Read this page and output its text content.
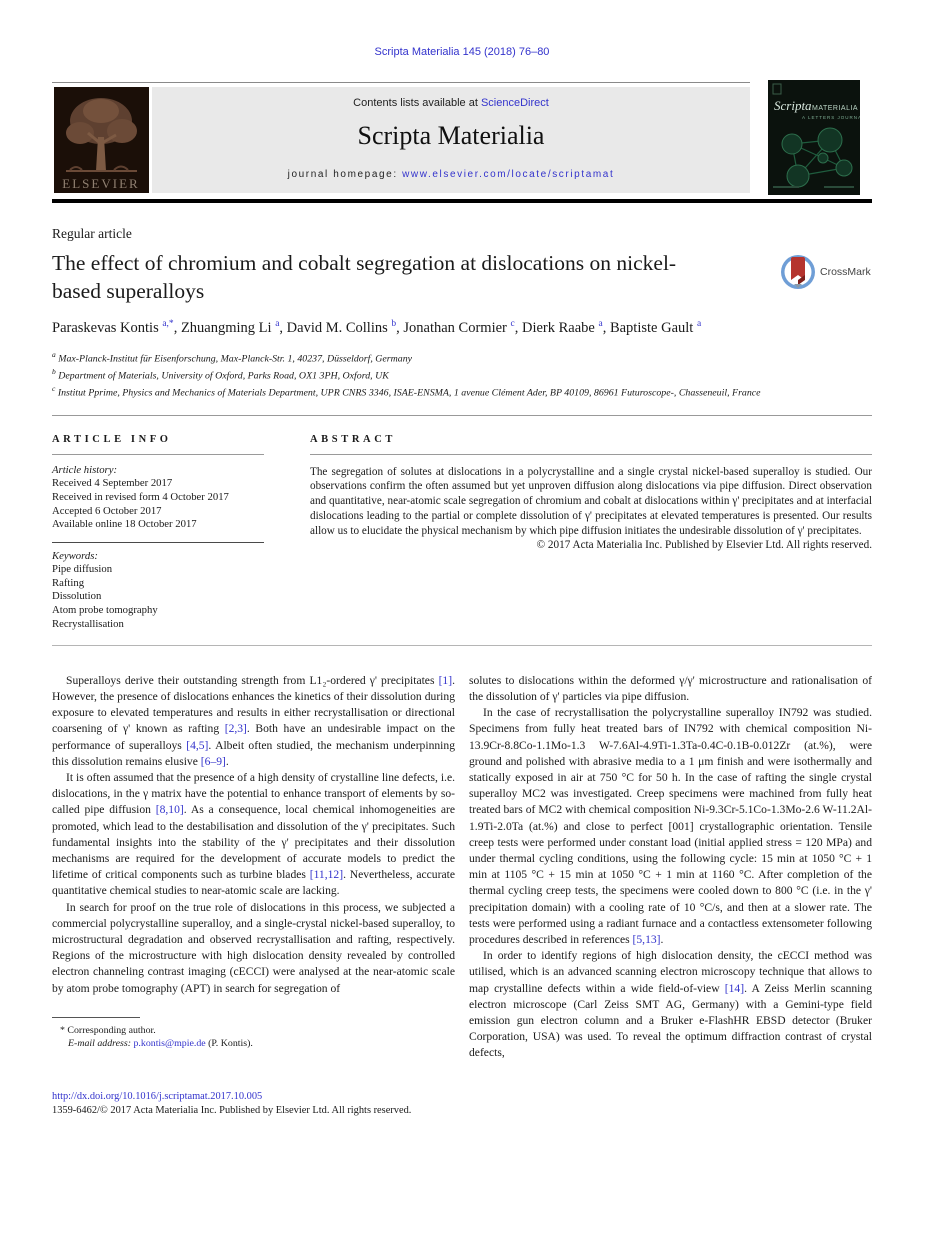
Scripta Materialia 145 (2018) 76–80
ELSEVIER
Contents lists available at ScienceDirect
Scripta Materialia
journal homepage: www.elsevier.com/locate/scriptamat
Scripta MATERIALIA
A LETTERS JOURNAL
Regular article
The effect of chromium and cobalt segregation at dislocations on nickel-based superalloys
CrossMark
Paraskevas Kontis $^{a,*}$, Zhuangming Li $^a$, David M. Collins $^b$, Jonathan Cormier $^c$, Dierk Raabe $^a$, Baptiste Gault $^a$
$^a$ Max-Planck-Institut für Eisenforschung, Max-Planck-Str. 1, 40237, Düsseldorf, Germany
$^b$ Department of Materials, University of Oxford, Parks Road, OX1 3PH, Oxford, UK
$^c$ Institut Pprime, Physics and Mechanics of Materials Department, UPR CNRS 3346, ISAE-ENSMA, 1 avenue Clément Ader, BP 40109, 86961 Futuroscope-, Chasseneuil, France
ARTICLE INFO
Article history:
Received 4 September 2017
Received in revised form 4 October 2017
Accepted 6 October 2017
Available online 18 October 2017
Keywords:
Pipe diffusion
Rafting
Dissolution
Atom probe tomography
Recrystallisation
ABSTRACT
The segregation of solutes at dislocations in a polycrystalline and a single crystal nickel-based superalloy is studied. Our observations confirm the often assumed but yet unproven diffusion along dislocations via pipe diffusion. Direct observation and quantitative, near-atomic scale segregation of chromium and cobalt at dislocations within γ' precipitates and at interfacial dislocations leading to the partial or complete dissolution of γ' precipitates at elevated temperatures is presented. Our results allow us to elucidate the physical mechanism by which pipe diffusion initiates the undesirable dissolution of γ' precipitates.
© 2017 Acta Materialia Inc. Published by Elsevier Ltd. All rights reserved.

Superalloys derive their outstanding strength from L1₂-ordered γ' precipitates [1]. However, the presence of dislocations enhances the kinetics of their dissolution during exposure to elevated temperatures and results in either recrystallisation or directional coarsening of γ' known as rafting [2,3]. Both have an undesirable impact on the performance of superalloys [4,5]. Albeit often studied, the mechanism underpinning this dissolution remains elusive [6–9].

It is often assumed that the presence of a high density of crystalline line defects, i.e. dislocations, in the γ matrix have the potential to enhance transport of elements by so-called pipe diffusion [8,10]. As a consequence, local chemical inhomogeneities are promoted, which lead to the destabilisation and dissolution of the γ' precipitates. Such fundamental insights into the stability of the γ' precipitates and their dissolution mechanisms are required for the development of accurate models to predict the lifetime of critical components such as turbine blades [11,12]. Nevertheless, accurate quantitative chemical studies to near-atomic scale are lacking.

In search for proof on the true role of dislocations in this process, we subjected a commercial polycrystalline superalloy, and a single-crystal nickel-based superalloy, to microstructural degradation and observed recrystallisation and rafting, respectively. Regions of the microstructure with high dislocation density revealed by controlled electron channeling contrast imaging (cECCI) were analysed at the near-atomic scale by atom probe tomography (APT) in search for segregation of

* Corresponding author.
E-mail address: p.kontis@mpie.de (P. Kontis).

solutes to dislocations within the deformed γ/γ' microstructure and rationalisation of the dissolution of γ' particles via pipe diffusion.

In the case of recrystallisation the polycrystalline superalloy IN792 was studied. Specimens from fully heat treated bars of IN792 with chemical composition Ni-13.9Cr-8.8Co-1.1Mo-1.3 W-7.6Al-4.9Ti-1.3Ta-0.4C-0.1B-0.012Zr (at.%), were ground and polished with abrasive media to a 1 μm finish and were isothermally and statically exposed in air at 750 °C for 50 h. In the case of rafting the single crystal superalloy MC2 was investigated. Creep specimens were machined from fully heat treated bars of MC2 with chemical composition Ni-9.3Cr-5.1Co-1.3Mo-2.6 W-11.2Al-1.9Ti-2.0Ta (at.%) and close to perfect [001] crystallographic orientation. Tensile creep tests were performed under constant load (initial applied stress = 120 MPa) and under thermal cycling conditions, using the following cycle: 15 min at 1050 °C + 1 min at 1105 °C + 15 min at 1050 °C + 1 min at 1160 °C. After completion of the thermal cycling creep tests, the specimens were cooled down to 800 °C (i.e. in the γ' precipitation domain) with a cooling rate of 10 °C/s, and then at a slower rate. The tests were performed using a radiant furnace and a contactless extensometer following procedures described in references [5,13].

In order to identify regions of high dislocation density, the cECCI method was utilised, which is an advanced scanning electron microscopy technique that allows to map crystalline defects within a wide field-of-view [14]. A Zeiss Merlin scanning electron microscope (Carl Zeiss SMT AG, Germany) with a Gemini-type field emission gun electron column and a Bruker e-FlashHR EBSD detector (Bruker Corporation, USA) was used. To reveal the optimum diffraction contrast of crystal defects,

http://dx.doi.org/10.1016/j.scriptamat.2017.10.005
1359-6462/© 2017 Acta Materialia Inc. Published by Elsevier Ltd. All rights reserved.
